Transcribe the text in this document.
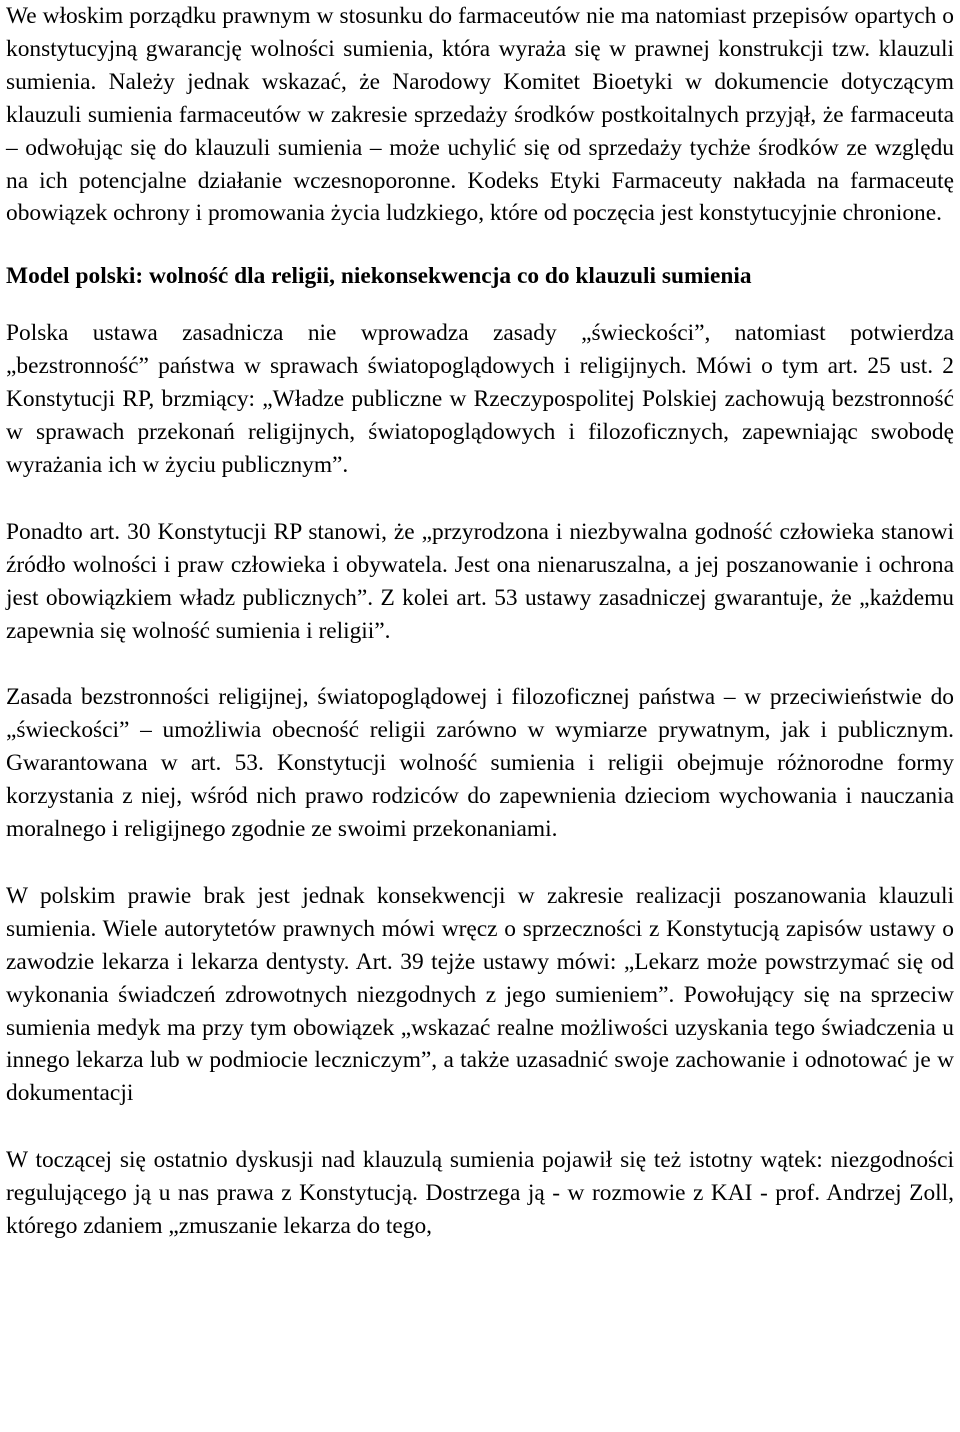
We włoskim porządku prawnym w stosunku do farmaceutów nie ma natomiast przepisów opartych o konstytucyjną gwarancję wolności sumienia, która wyraża się w prawnej konstrukcji tzw. klauzuli sumienia. Należy jednak wskazać, że Narodowy Komitet Bioetyki w dokumencie dotyczącym klauzuli sumienia farmaceutów w zakresie sprzedaży środków postkoitalnych przyjął, że farmaceuta – odwołując się do klauzuli sumienia – może uchylić się od sprzedaży tychże środków ze względu na ich potencjalne działanie wczesnoporonne. Kodeks Etyki Farmaceuty nakłada na farmaceutę obowiązek ochrony i promowania życia ludzkiego, które od poczęcia jest konstytucyjnie chronione.

Model polski: wolność dla religii, niekonsekwencja co do klauzuli sumienia

Polska ustawa zasadnicza nie wprowadza zasady „świeckości”, natomiast potwierdza „bezstronność” państwa w sprawach światopoglądowych i religijnych. Mówi o tym art. 25 ust. 2 Konstytucji RP, brzmiący: „Władze publiczne w Rzeczypospolitej Polskiej zachowują bezstronność w sprawach przekonań religijnych, światopoglądowych i filozoficznych, zapewniając swobodę wyrażania ich w życiu publicznym”.

Ponadto art. 30 Konstytucji RP stanowi, że „przyrodzona i niezbywalna godność człowieka stanowi źródło wolności i praw człowieka i obywatela. Jest ona nienaruszalna, a jej poszanowanie i ochrona jest obowiązkiem władz publicznych”. Z kolei art. 53 ustawy zasadniczej gwarantuje, że „każdemu zapewnia się wolność sumienia i religii”.

Zasada bezstronności religijnej, światopoglądowej i filozoficznej państwa – w przeciwieństwie do „świeckości” – umożliwia obecność religii zarówno w wymiarze prywatnym, jak i publicznym. Gwarantowana w art. 53. Konstytucji wolność sumienia i religii obejmuje różnorodne formy korzystania z niej, wśród nich prawo rodziców do zapewnienia dzieciom wychowania i nauczania moralnego i religijnego zgodnie ze swoimi przekonaniami.

W polskim prawie brak jest jednak konsekwencji w zakresie realizacji poszanowania klauzuli sumienia. Wiele autorytetów prawnych mówi wręcz o sprzeczności z Konstytucją zapisów ustawy o zawodzie lekarza i lekarza dentysty. Art. 39 tejże ustawy mówi: „Lekarz może powstrzymać się od wykonania świadczeń zdrowotnych niezgodnych z jego sumieniem”. Powołujący się na sprzeciw sumienia medyk ma przy tym obowiązek „wskazać realne możliwości uzyskania tego świadczenia u innego lekarza lub w podmiocie leczniczym”, a także uzasadnić swoje zachowanie i odnotować je w dokumentacji

W toczącej się ostatnio dyskusji nad klauzulą sumienia pojawił się też istotny wątek: niezgodności regulującego ją u nas prawa z Konstytucją. Dostrzega ją - w rozmowie z KAI - prof. Andrzej Zoll, którego zdaniem „zmuszanie lekarza do tego,
